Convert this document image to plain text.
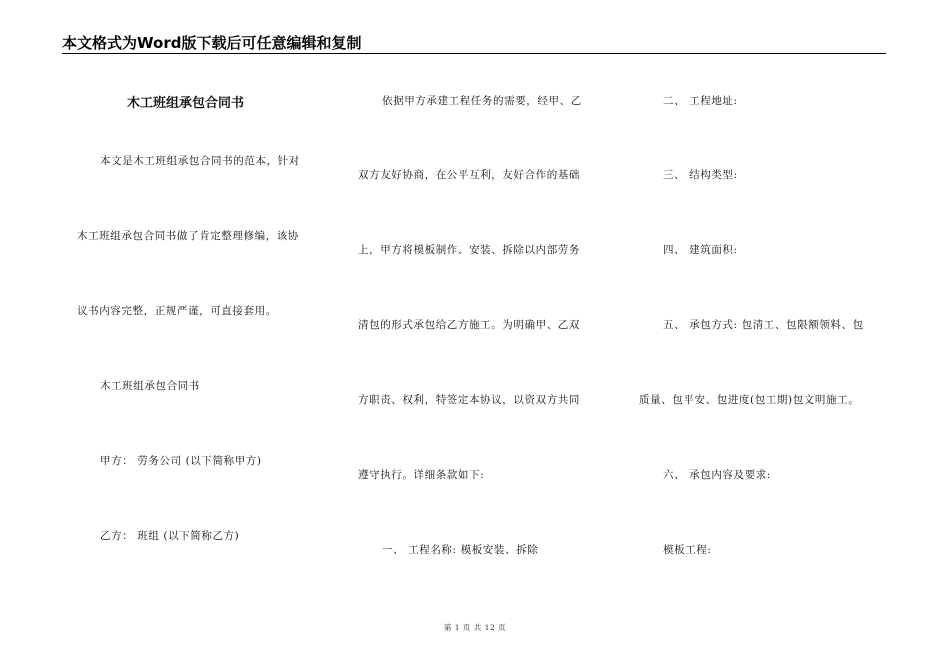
本文格式为Word版下载后可任意编辑和复制
木工班组承包合同书
本文是木工班组承包合同书的范本，针对
木工班组承包合同书做了肯定整理修编，该协
议书内容完整，正规严谨，可直接套用。
木工班组承包合同书
甲方： 劳务公司 (以下简称甲方)
乙方： 班组 (以下简称乙方)
依据甲方承建工程任务的需要，经甲、乙
双方友好协商，在公平互利，友好合作的基础
上，甲方将模板制作、安装、拆除以内部劳务
清包的形式承包给乙方施工。为明确甲、乙双
方职责、权利，特签定本协议，以资双方共同
遵守执行。详细条款如下:
一、 工程名称: 模板安装、拆除
二、 工程地址:
三、 结构类型:
四、 建筑面积:
五、 承包方式: 包清工、包限额领料、包
质量、包平安、包进度(包工期)包文明施工。
六、 承包内容及要求:
模板工程:
第 1 页 共 12 页
